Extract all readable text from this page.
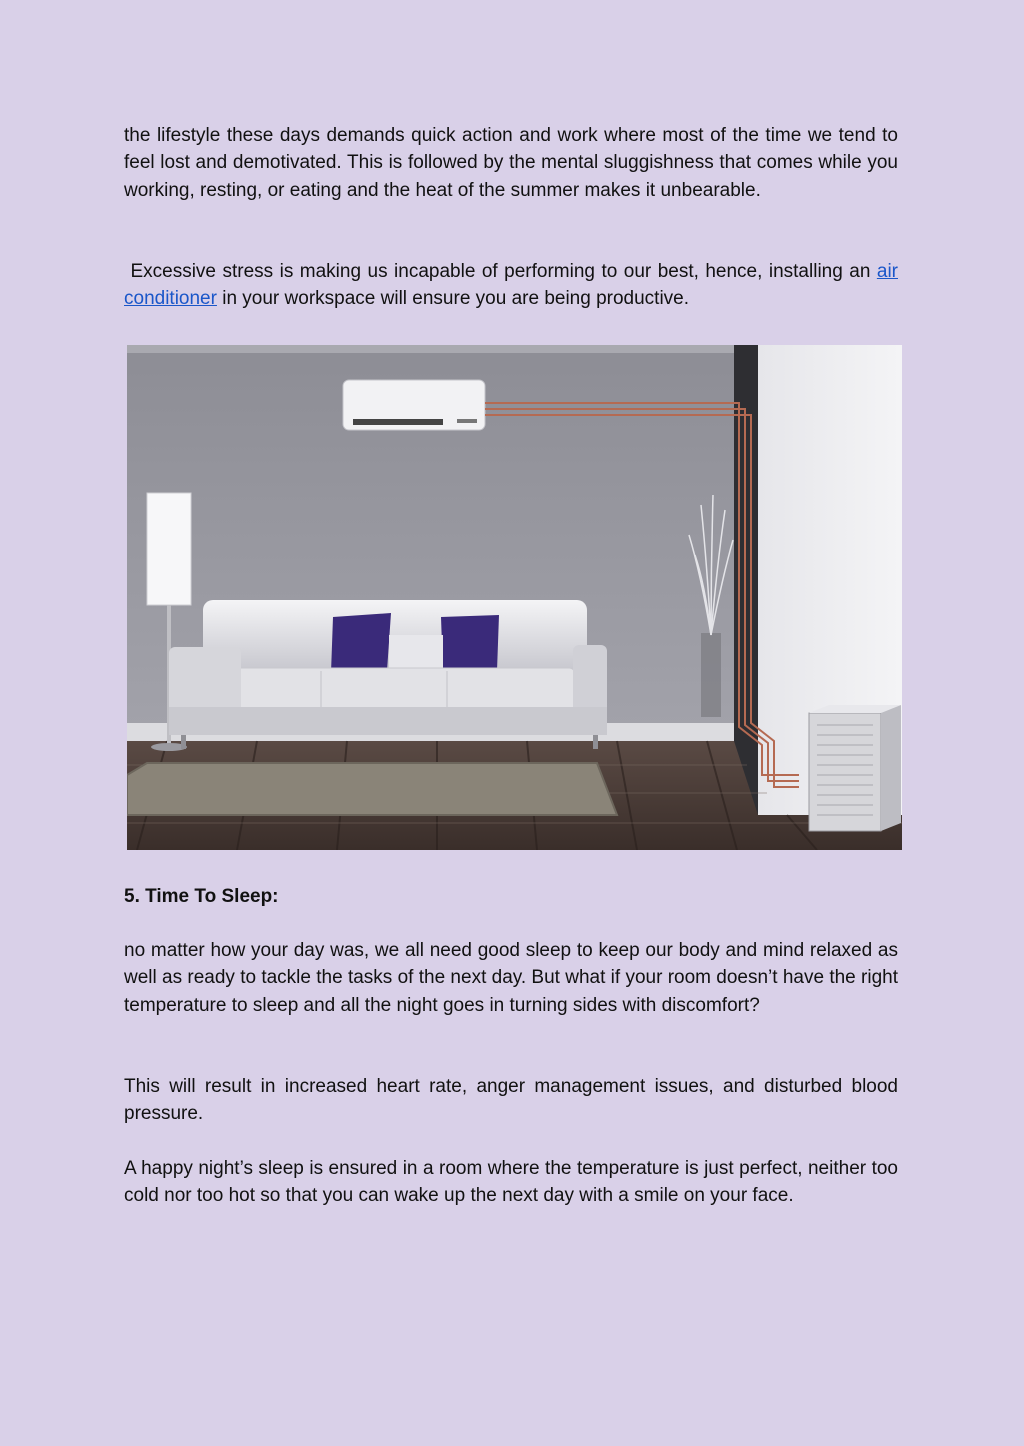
the lifestyle these days demands quick action and work where most of the time we tend to feel lost and demotivated. This is followed by the mental sluggishness that comes while you working, resting, or eating and the heat of the summer makes it unbearable.

Excessive stress is making us incapable of performing to our best, hence, installing an air conditioner in your workspace will ensure you are being productive.

5. Time To Sleep:

no matter how your day was, we all need good sleep to keep our body and mind relaxed as well as ready to tackle the tasks of the next day. But what if your room doesn’t have the right temperature to sleep and all the night goes in turning sides with discomfort?

This will result in increased heart rate, anger management issues, and disturbed blood pressure.

A happy night’s sleep is ensured in a room where the temperature is just perfect, neither too cold nor too hot so that you can wake up the next day with a smile on your face.
